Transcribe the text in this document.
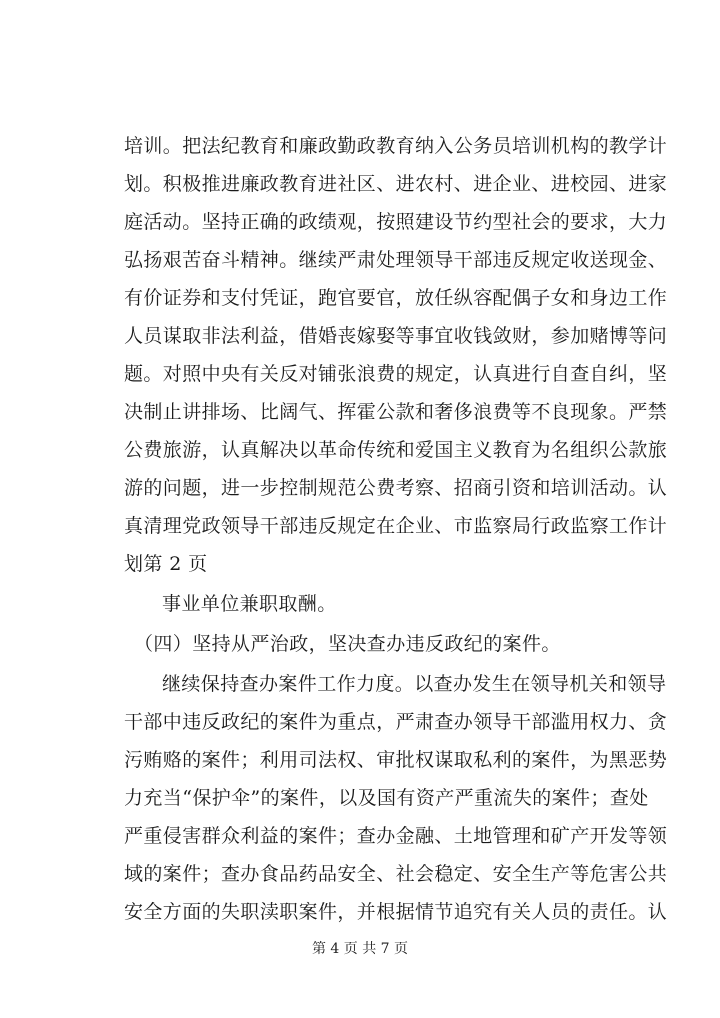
培训。把法纪教育和廉政勤政教育纳入公务员培训机构的教学计
划。积极推进廉政教育进社区、进农村、进企业、进校园、进家
庭活动。坚持正确的政绩观，按照建设节约型社会的要求，大力
弘扬艰苦奋斗精神。继续严肃处理领导干部违反规定收送现金、
有价证券和支付凭证，跑官要官，放任纵容配偶子女和身边工作
人员谋取非法利益，借婚丧嫁娶等事宜收钱敛财，参加赌博等问
题。对照中央有关反对铺张浪费的规定，认真进行自查自纠，坚
决制止讲排场、比阔气、挥霍公款和奢侈浪费等不良现象。严禁
公费旅游，认真解决以革命传统和爱国主义教育为名组织公款旅
游的问题，进一步控制规范公费考察、招商引资和培训活动。认
真清理党政领导干部违反规定在企业、市监察局行政监察工作计
划第 2 页
事业单位兼职取酬。
（四）坚持从严治政，坚决查办违反政纪的案件。
继续保持查办案件工作力度。以查办发生在领导机关和领导
干部中违反政纪的案件为重点，严肃查办领导干部滥用权力、贪
污贿赂的案件；利用司法权、审批权谋取私利的案件，为黑恶势
力充当“保护伞”的案件，以及国有资产严重流失的案件；查处
严重侵害群众利益的案件；查办金融、土地管理和矿产开发等领
域的案件；查办食品药品安全、社会稳定、安全生产等危害公共
安全方面的失职渎职案件，并根据情节追究有关人员的责任。认
第 4 页 共 7 页
